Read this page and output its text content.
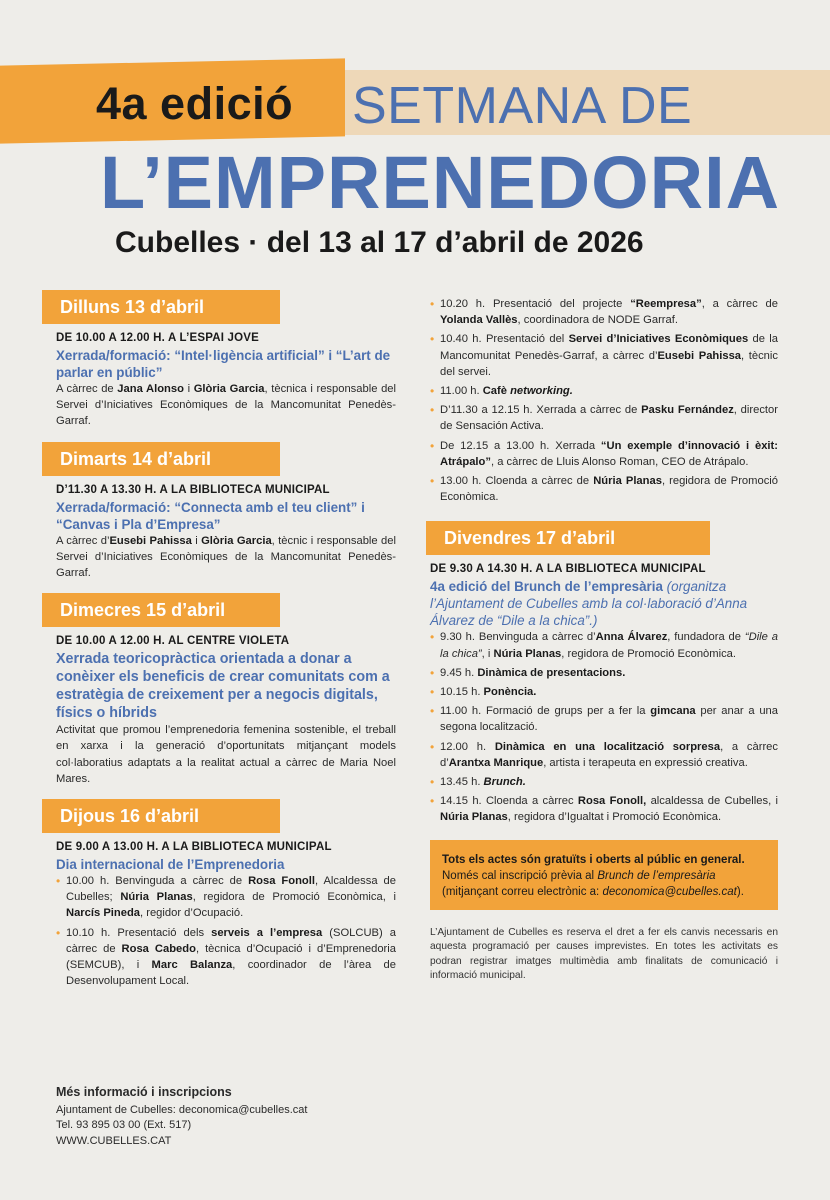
4a edició SETMANA DE
L’EMPRENEDORIA
Cubelles · del 13 al 17 d’abril de 2026
Dilluns 13 d’abril
DE 10.00 A 12.00 H. A L’ESPAI JOVE
Xerrada/formació: “Intel·ligència artificial” i “L’art de parlar en públic”
A càrrec de Jana Alonso i Glòria Garcia, tècnica i responsable del Servei d’Iniciatives Econòmiques de la Mancomunitat Penedès-Garraf.
Dimarts 14 d’abril
D’11.30 A 13.30 H. A LA BIBLIOTECA MUNICIPAL
Xerrada/formació: “Connecta amb el teu client” i “Canvas i Pla d’Empresa”
A càrrec d’Eusebi Pahissa i Glòria Garcia, tècnic i responsable del Servei d’Iniciatives Econòmiques de la Mancomunitat Penedès-Garraf.
Dimecres 15 d’abril
DE 10.00 A 12.00 H. AL CENTRE VIOLETA
Xerrada teoricopràctica orientada a donar a conèixer els beneficis de crear comunitats com a estratègia de creixement per a negocis digitals, físics o híbrids
Activitat que promou l’emprenedoria femenina sostenible, el treball en xarxa i la generació d’oportunitats mitjançant models col·laboratius adaptats a la realitat actual a càrrec de Maria Noel Mares.
Dijous 16 d’abril
DE 9.00 A 13.00 H. A LA BIBLIOTECA MUNICIPAL
Dia internacional de l’Emprenedoria
• 10.00 h. Benvinguda a càrrec de Rosa Fonoll, Alcaldessa de Cubelles; Núria Planas, regidora de Promoció Econòmica, i Narcís Pineda, regidor d’Ocupació.
• 10.10 h. Presentació dels serveis a l’empresa (SOLCUB) a càrrec de Rosa Cabedo, tècnica d’Ocupació i d’Emprenedoria (SEMCUB), i Marc Balanza, coordinador de l’àrea de Desenvolupament Local.
Més informació i inscripcions
Ajuntament de Cubelles: deconomica@cubelles.cat
Tel. 93 895 03 00 (Ext. 517)
WWW.CUBELLES.CAT
• 10.20 h. Presentació del projecte “Reempresa”, a càrrec de Yolanda Vallès, coordinadora de NODE Garraf.
• 10.40 h. Presentació del Servei d’Iniciatives Econòmiques de la Mancomunitat Penedès-Garraf, a càrrec d’Eusebi Pahissa, tècnic del servei.
• 11.00 h. Cafè networking.
• D’11.30 a 12.15 h. Xerrada a càrrec de Pasku Fernández, director de Sensación Activa.
• De 12.15 a 13.00 h. Xerrada “Un exemple d’innovació i èxit: Atrápalo”, a càrrec de Lluis Alonso Roman, CEO de Atrápalo.
• 13.00 h. Cloenda a càrrec de Núria Planas, regidora de Promoció Econòmica.
Divendres 17 d’abril
DE 9.30 A 14.30 H. A LA BIBLIOTECA MUNICIPAL
4a edició del Brunch de l’empresària (organitza l’Ajuntament de Cubelles amb la col·laboració d’Anna Álvarez de “Dile a la chica”.)
• 9.30 h. Benvinguda a càrrec d’Anna Álvarez, fundadora de “Dile a la chica”, i Núria Planas, regidora de Promoció Econòmica.
• 9.45 h. Dinàmica de presentacions.
• 10.15 h. Ponència.
• 11.00 h. Formació de grups per a fer la gimcana per anar a una segona localització.
• 12.00 h. Dinàmica en una localització sorpresa, a càrrec d’Arantxa Manrique, artista i terapeuta en expressió creativa.
• 13.45 h. Brunch.
• 14.15 h. Cloenda a càrrec Rosa Fonoll, alcaldessa de Cubelles, i Núria Planas, regidora d’Igualtat i Promoció Econòmica.
Tots els actes són gratuïts i oberts al públic en general.
Només cal inscripció prèvia al Brunch de l’empresària (mitjançant correu electrònic a: deconomica@cubelles.cat).
L’Ajuntament de Cubelles es reserva el dret a fer els canvis necessaris en aquesta programació per causes imprevistes. En totes les activitats es podran registrar imatges multimèdia amb finalitats de comunicació i informació municipal.
